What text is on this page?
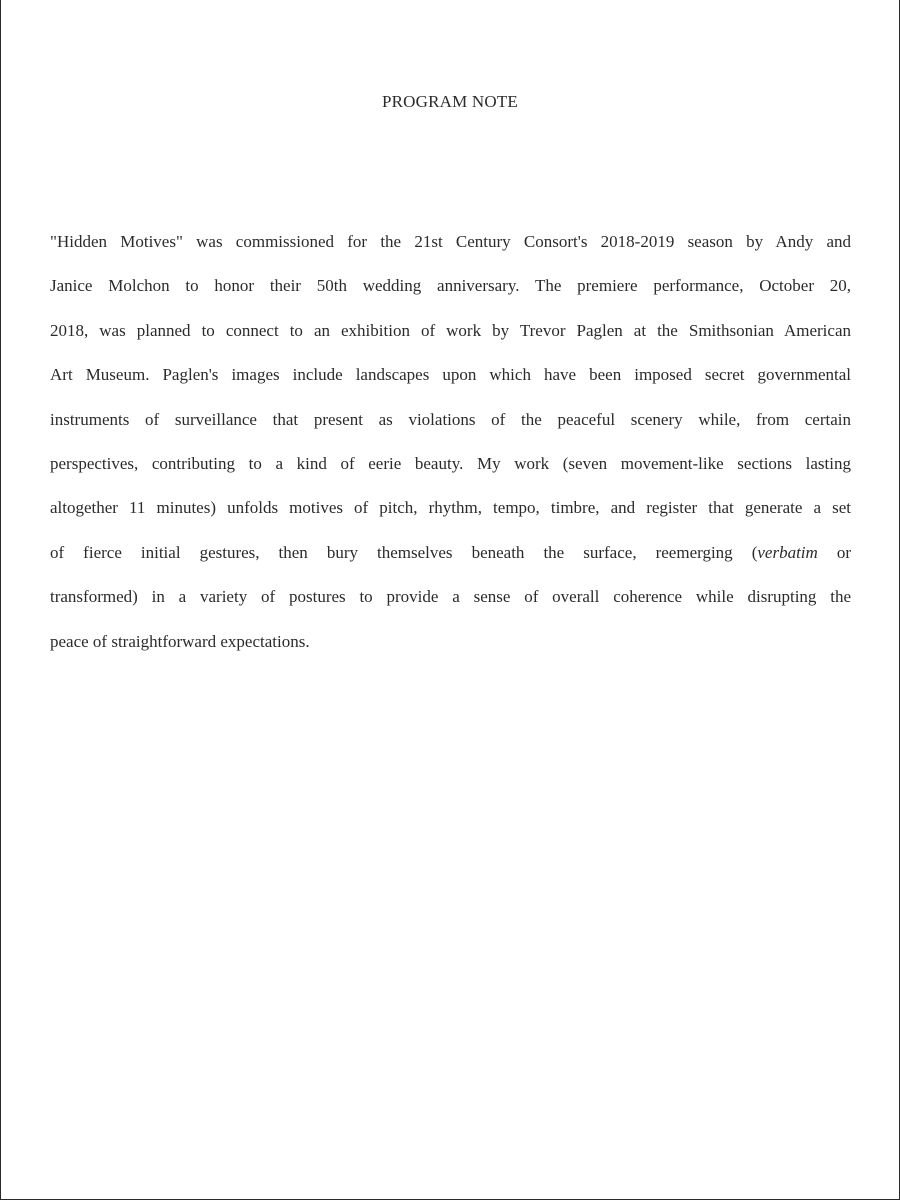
PROGRAM NOTE
"Hidden Motives" was commissioned for the 21st Century Consort's 2018-2019 season by Andy and
Janice Molchon to honor their 50th wedding anniversary. The premiere performance, October 20,
2018, was planned to connect to an exhibition of work by Trevor Paglen at the Smithsonian American
Art Museum. Paglen's images include landscapes upon which have been imposed secret governmental
instruments of surveillance that present as violations of the peaceful scenery while, from certain
perspectives, contributing to a kind of eerie beauty. My work (seven movement-like sections lasting
altogether 11 minutes) unfolds motives of pitch, rhythm, tempo, timbre, and register that generate a set
of fierce initial gestures, then bury themselves beneath the surface, reemerging (verbatim or
transformed) in a variety of postures to provide a sense of overall coherence while disrupting the
peace of straightforward expectations.
